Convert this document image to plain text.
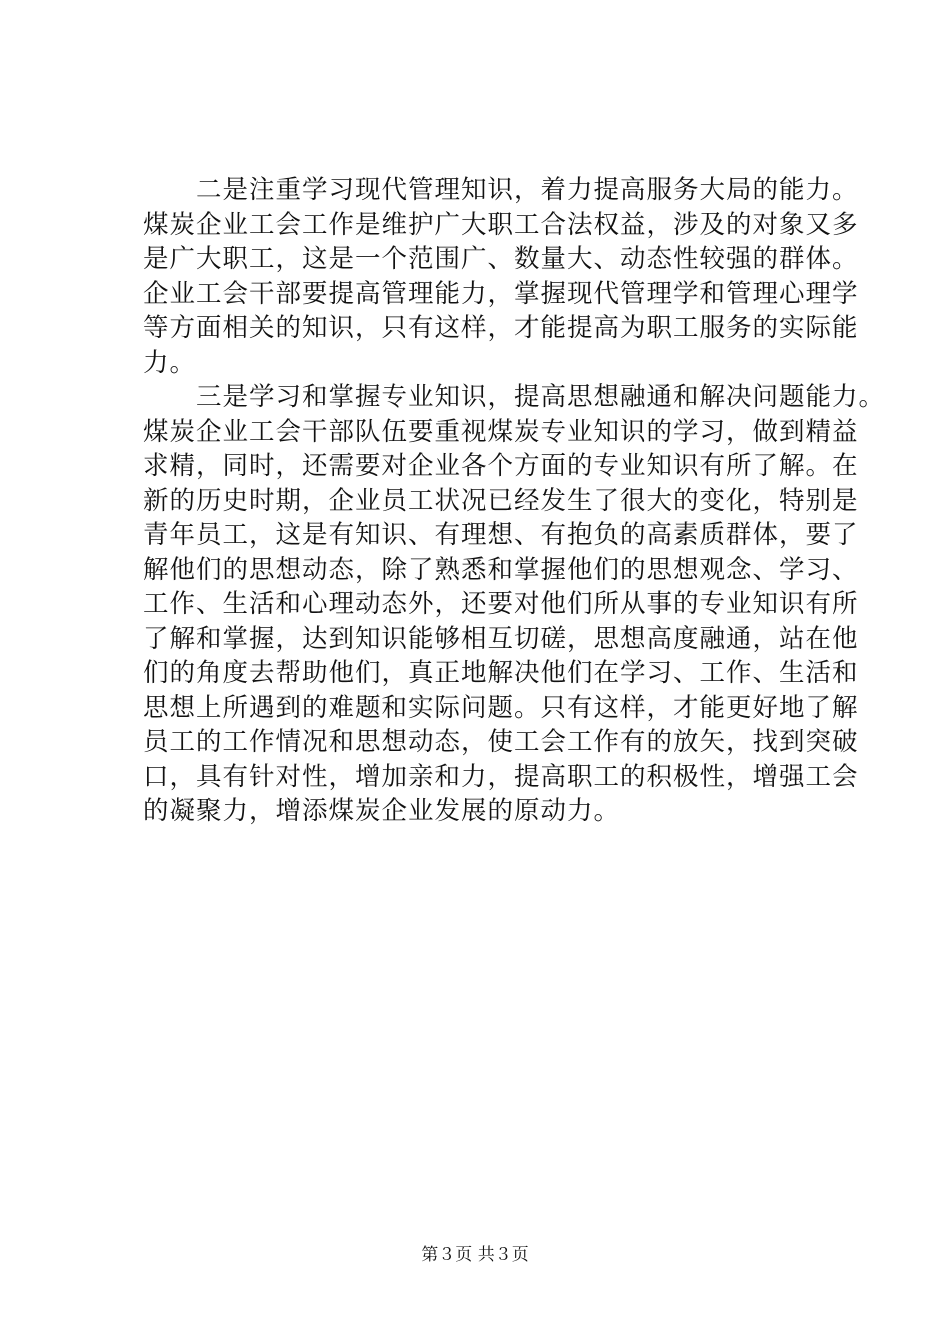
　　二是注重学习现代管理知识，着力提高服务大局的能力。
煤炭企业工会工作是维护广大职工合法权益，涉及的对象又多
是广大职工，这是一个范围广、数量大、动态性较强的群体。
企业工会干部要提高管理能力，掌握现代管理学和管理心理学
等方面相关的知识，只有这样，才能提高为职工服务的实际能
力。
　　三是学习和掌握专业知识，提高思想融通和解决问题能力。
煤炭企业工会干部队伍要重视煤炭专业知识的学习，做到精益
求精，同时，还需要对企业各个方面的专业知识有所了解。在
新的历史时期，企业员工状况已经发生了很大的变化，特别是
青年员工，这是有知识、有理想、有抱负的高素质群体，要了
解他们的思想动态，除了熟悉和掌握他们的思想观念、学习、
工作、生活和心理动态外，还要对他们所从事的专业知识有所
了解和掌握，达到知识能够相互切磋，思想高度融通，站在他
们的角度去帮助他们，真正地解决他们在学习、工作、生活和
思想上所遇到的难题和实际问题。只有这样，才能更好地了解
员工的工作情况和思想动态，使工会工作有的放矢，找到突破
口，具有针对性，增加亲和力，提高职工的积极性，增强工会
的凝聚力，增添煤炭企业发展的原动力。
第３页 共３页
